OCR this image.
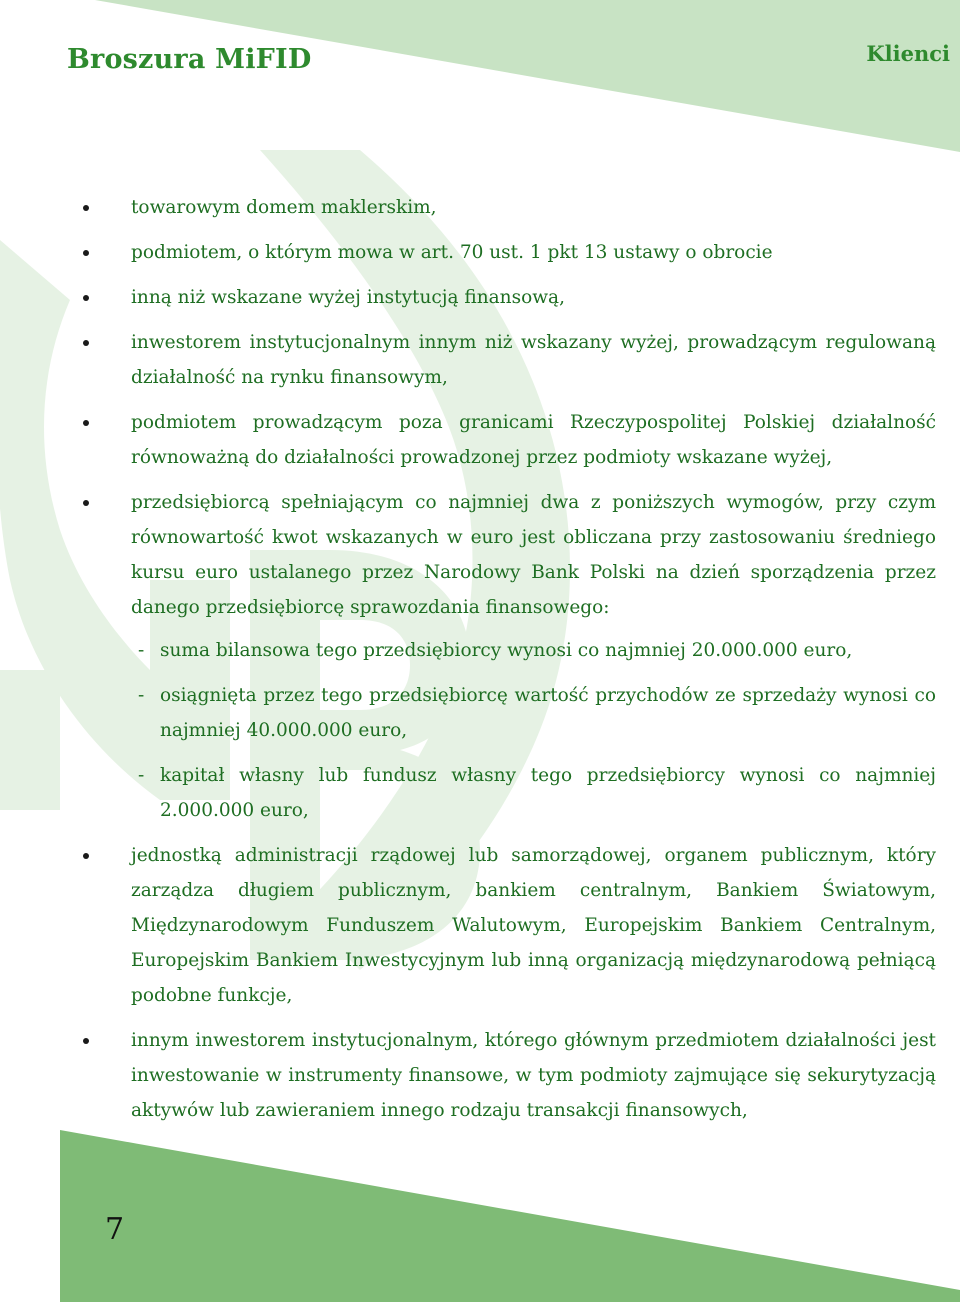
Broszura MiFID	Klienci

towarowym domem maklerskim,

podmiotem, o którym mowa w art. 70 ust. 1 pkt 13 ustawy o obrocie

inną niż wskazane wyżej instytucją finansową,

inwestorem instytucjonalnym innym niż wskazany wyżej, prowadzącym regulowaną działalność na rynku finansowym,

podmiotem prowadzącym poza granicami Rzeczypospolitej Polskiej działalność równoważną do działalności prowadzonej przez podmioty wskazane wyżej,

przedsiębiorcą spełniającym co najmniej dwa z poniższych wymogów, przy czym równowartość kwot wskazanych w euro jest obliczana przy zastosowaniu średniego kursu euro ustalanego przez Narodowy Bank Polski na dzień sporządzenia przez danego przedsiębiorcę sprawozdania finansowego:

- suma bilansowa tego przedsiębiorcy wynosi co najmniej 20.000.000 euro,

- osiągnięta przez tego przedsiębiorcę wartość przychodów ze sprzedaży wynosi co najmniej 40.000.000 euro,

- kapitał własny lub fundusz własny tego przedsiębiorcy wynosi co najmniej 2.000.000 euro,

jednostką administracji rządowej lub samorządowej, organem publicznym, który zarządza długiem publicznym, bankiem centralnym, Bankiem Światowym, Międzynarodowym Funduszem Walutowym, Europejskim Bankiem Centralnym, Europejskim Bankiem Inwestycyjnym lub inną organizacją międzynarodową pełniącą podobne funkcje,

innym inwestorem instytucjonalnym, którego głównym przedmiotem działalności jest inwestowanie w instrumenty finansowe, w tym podmioty zajmujące się sekurytyzacją aktywów lub zawieraniem innego rodzaju transakcji finansowych,

7
